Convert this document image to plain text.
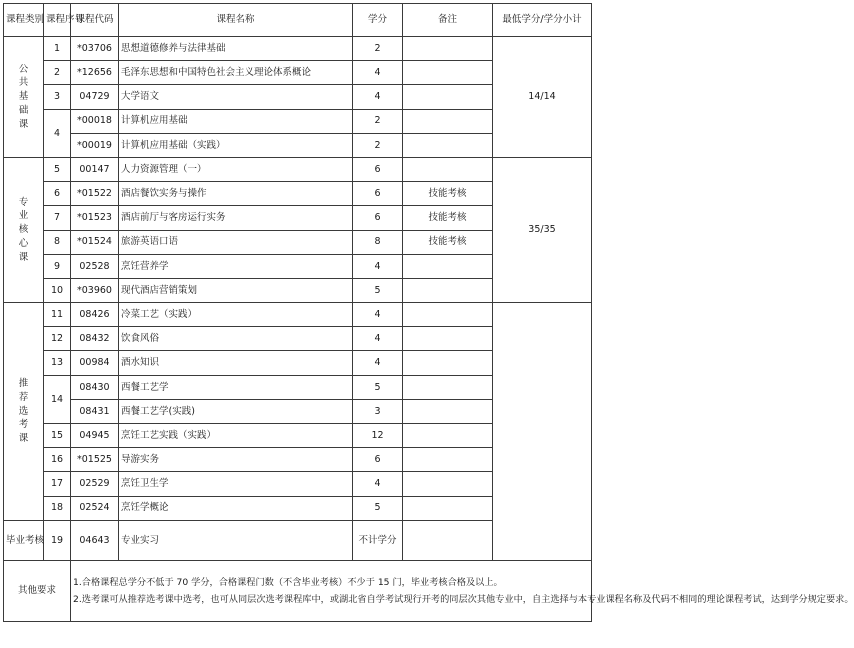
课程类别	课程序号	课程代码	课程名称	学分	备注	最低学分/学分小计
公共基础课	1	*03706	思想道德修养与法律基础	2		14/14
	2	*12656	毛泽东思想和中国特色社会主义理论体系概论	4		
	3	04729	大学语文	4		
	4	*00018	计算机应用基础	2		
		*00019	计算机应用基础（实践）	2		
专业核心课	5	00147	人力资源管理（一）	6		35/35
	6	*01522	酒店餐饮实务与操作	6	技能考核	
	7	*01523	酒店前厅与客房运行实务	6	技能考核	
	8	*01524	旅游英语口语	8	技能考核	
	9	02528	烹饪营养学	4		
	10	*03960	现代酒店营销策划	5		
推荐选考课	11	08426	冷菜工艺（实践）	4		
	12	08432	饮食风俗	4		
	13	00984	酒水知识	4		
	14	08430	西餐工艺学	5		
		08431	西餐工艺学(实践)	3		
	15	04945	烹饪工艺实践（实践）	12		
	16	*01525	导游实务	6		
	17	02529	烹饪卫生学	4		
	18	02524	烹饪学概论	5		
毕业考核	19	04643	专业实习	不计学分		
其他要求		1.合格课程总学分不低于 70 学分，合格课程门数（不含毕业考核）不少于 15 门，毕业考核合格及以上。
2.选考课可从推荐选考课中选考，也可从同层次选考课程库中，或湖北省自学考试现行开考的同层次其他专业中，自主选择与本专业课程名称及代码不相同的理论课程考试，达到学分规定要求。				
